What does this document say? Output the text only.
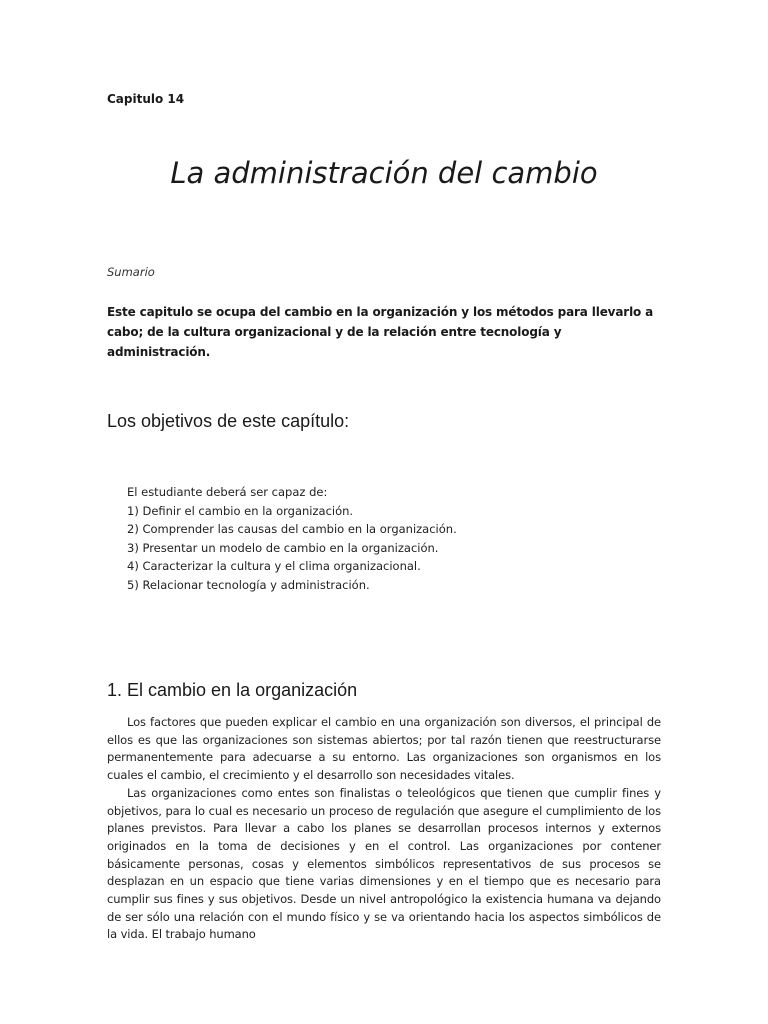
Capitulo 14
La administración del cambio
Sumario
Este capitulo se ocupa del cambio en la organización y los métodos para llevarlo a cabo; de la cultura organizacional y de la relación entre tecnología y administración.
Los objetivos de este capítulo:
El estudiante deberá ser capaz de:
1) Definir el cambio en la organización.
2) Comprender las causas del cambio en la organización.
3) Presentar un modelo de cambio en la organización.
4) Caracterizar la cultura y el clima organizacional.
5) Relacionar tecnología y administración.
1. El cambio en la organización

Los factores que pueden explicar el cambio en una organización son diversos, el principal de ellos es que las organizaciones son sistemas abiertos; por tal razón tienen que reestructurarse permanentemente para adecuarse a su entorno. Las organizaciones son organismos en los cuales el cambio, el crecimiento y el desarrollo son necesidades vitales.

Las organizaciones como entes son finalistas o teleológicos que tienen que cumplir fines y objetivos, para lo cual es necesario un proceso de regulación que asegure el cumplimiento de los planes previstos. Para llevar a cabo los planes se desarrollan procesos internos y externos originados en la toma de decisiones y en el control. Las organizaciones por contener básicamente personas, cosas y elementos simbólicos representativos de sus procesos se desplazan en un espacio que tiene varias dimensiones y en el tiempo que es necesario para cumplir sus fines y sus objetivos. Desde un nivel antropológico la existencia humana va dejando de ser sólo una relación con el mundo físico y se va orientando hacia los aspectos simbólicos de la vida. El trabajo humano
